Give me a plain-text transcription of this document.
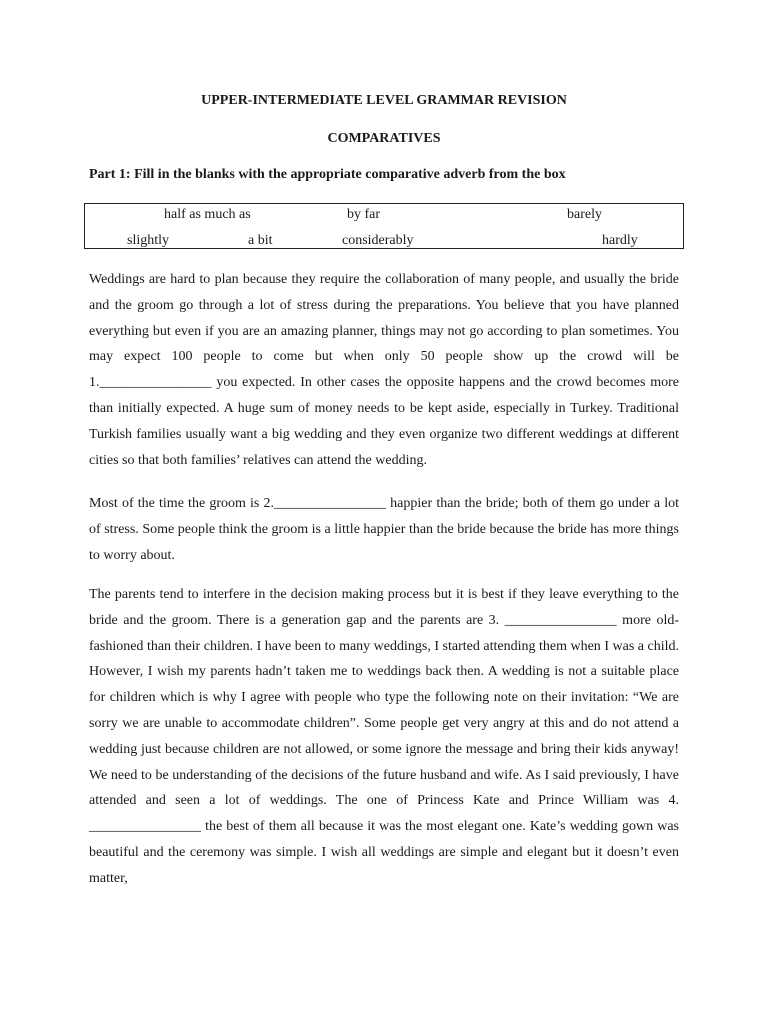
UPPER-INTERMEDIATE LEVEL GRAMMAR REVISION
COMPARATIVES
Part 1: Fill in the blanks with the appropriate comparative adverb from the box
half as much as	by far	barely
slightly	a bit	considerably	hardly

Weddings are hard to plan because they require the collaboration of many people, and usually the bride and the groom go through a lot of stress during the preparations. You believe that you have planned everything but even if you are an amazing planner, things may not go according to plan sometimes. You may expect 100 people to come but when only 50 people show up the crowd will be 1.________________ you expected. In other cases the opposite happens and the crowd becomes more than initially expected. A huge sum of money needs to be kept aside, especially in Turkey. Traditional Turkish families usually want a big wedding and they even organize two different weddings at different cities so that both families’ relatives can attend the wedding.

Most of the time the groom is 2.________________ happier than the bride; both of them go under a lot of stress. Some people think the groom is a little happier than the bride because the bride has more things to worry about.

The parents tend to interfere in the decision making process but it is best if they leave everything to the bride and the groom. There is a generation gap and the parents are 3. ________________ more old-fashioned than their children. I have been to many weddings, I started attending them when I was a child. However, I wish my parents hadn’t taken me to weddings back then. A wedding is not a suitable place for children which is why I agree with people who type the following note on their invitation: “We are sorry we are unable to accommodate children”. Some people get very angry at this and do not attend a wedding just because children are not allowed, or some ignore the message and bring their kids anyway! We need to be understanding of the decisions of the future husband and wife. As I said previously, I have attended and seen a lot of weddings. The one of Princess Kate and Prince William was 4. ________________ the best of them all because it was the most elegant one. Kate’s wedding gown was beautiful and the ceremony was simple. I wish all weddings are simple and elegant but it doesn’t even matter,
